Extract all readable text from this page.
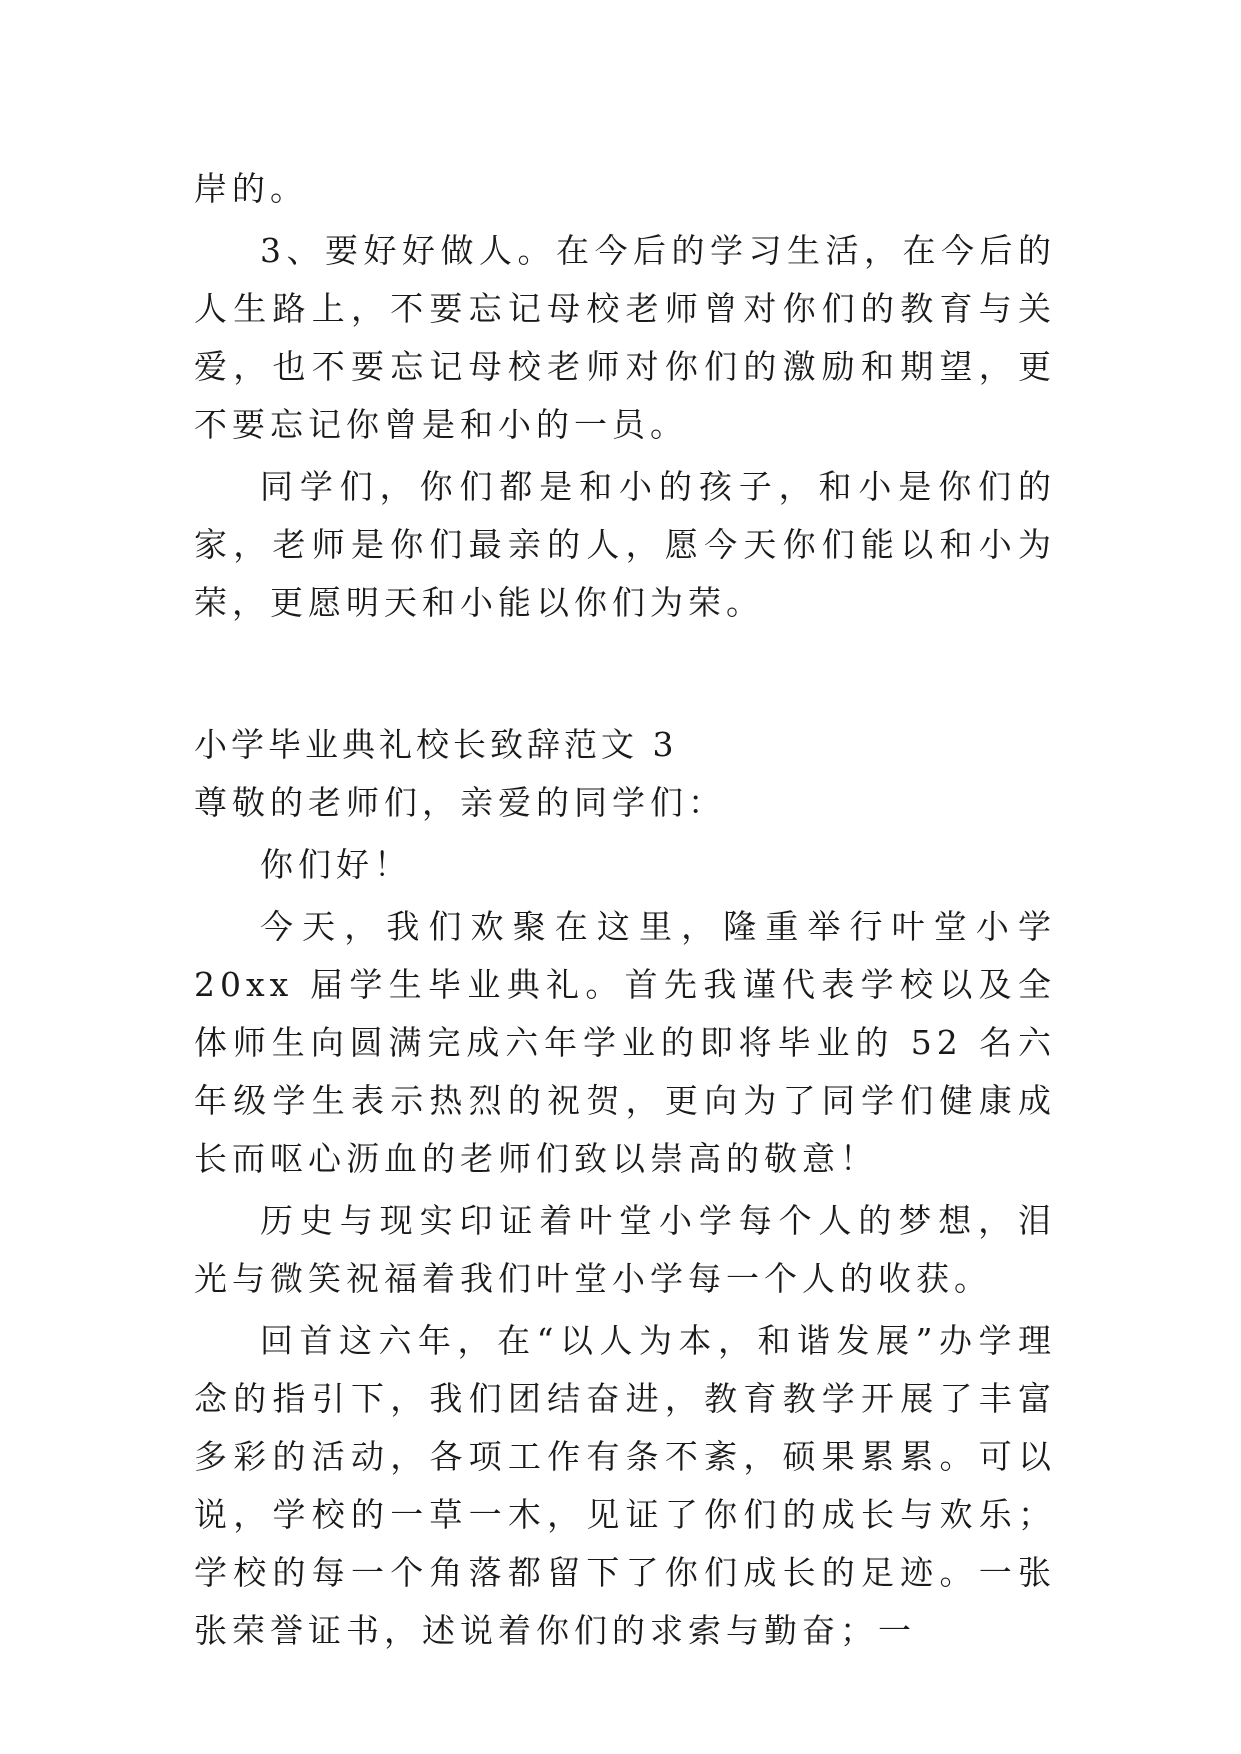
岸的。

3、要好好做人。在今后的学习生活，在今后的人生路上，不要忘记母校老师曾对你们的教育与关爱，也不要忘记母校老师对你们的激励和期望，更不要忘记你曾是和小的一员。

同学们，你们都是和小的孩子，和小是你们的家，老师是你们最亲的人，愿今天你们能以和小为荣，更愿明天和小能以你们为荣。

小学毕业典礼校长致辞范文 3

尊敬的老师们，亲爱的同学们：

你们好！

今天，我们欢聚在这里，隆重举行叶堂小学 20xx 届学生毕业典礼。首先我谨代表学校以及全体师生向圆满完成六年学业的即将毕业的 52 名六年级学生表示热烈的祝贺，更向为了同学们健康成长而呕心沥血的老师们致以崇高的敬意！

历史与现实印证着叶堂小学每个人的梦想，泪光与微笑祝福着我们叶堂小学每一个人的收获。

回首这六年，在“以人为本，和谐发展”办学理念的指引下，我们团结奋进，教育教学开展了丰富多彩的活动，各项工作有条不紊，硕果累累。可以说，学校的一草一木，见证了你们的成长与欢乐；学校的每一个角落都留下了你们成长的足迹。一张张荣誉证书，述说着你们的求索与勤奋；一
